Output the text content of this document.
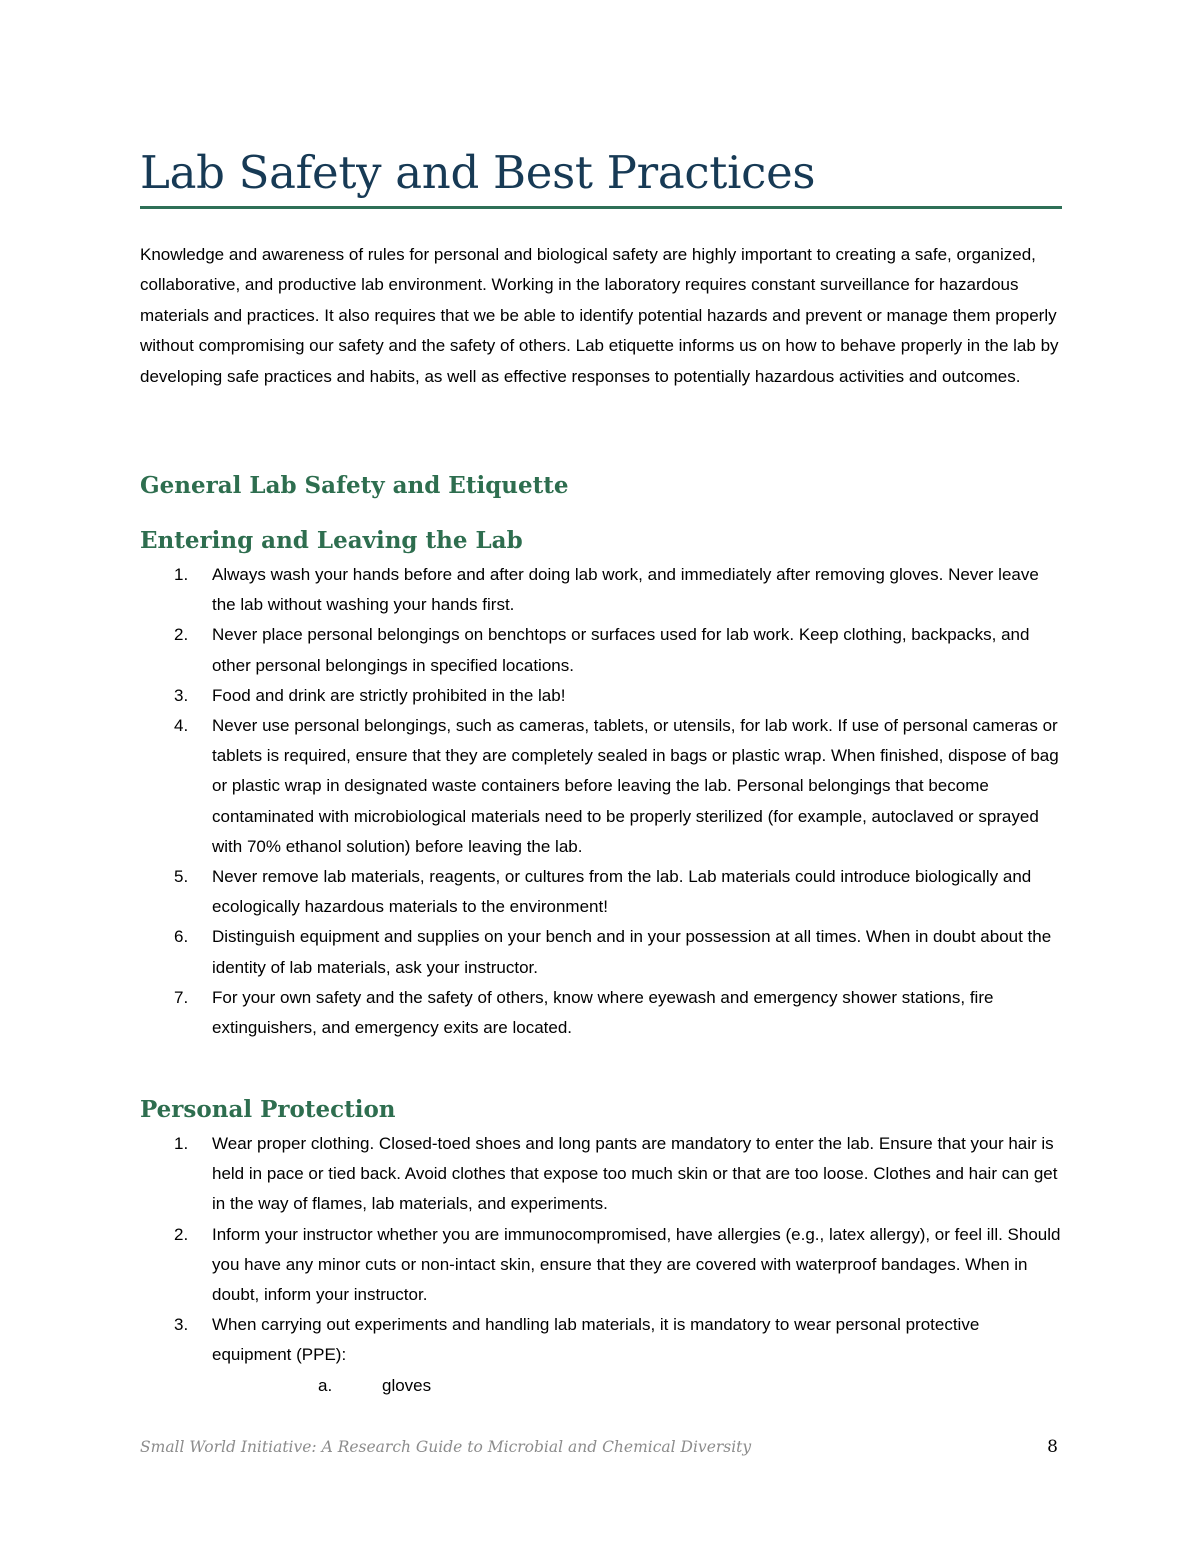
Lab Safety and Best Practices

Knowledge and awareness of rules for personal and biological safety are highly important to creating a safe, organized, collaborative, and productive lab environment. Working in the laboratory requires constant surveillance for hazardous materials and practices. It also requires that we be able to identify potential hazards and prevent or manage them properly without compromising our safety and the safety of others. Lab etiquette informs us on how to behave properly in the lab by developing safe practices and habits, as well as effective responses to potentially hazardous activities and outcomes.

General Lab Safety and Etiquette
Entering and Leaving the Lab
1. Always wash your hands before and after doing lab work, and immediately after removing gloves. Never leave the lab without washing your hands first.
2. Never place personal belongings on benchtops or surfaces used for lab work. Keep clothing, backpacks, and other personal belongings in specified locations.
3. Food and drink are strictly prohibited in the lab!
4. Never use personal belongings, such as cameras, tablets, or utensils, for lab work. If use of personal cameras or tablets is required, ensure that they are completely sealed in bags or plastic wrap. When finished, dispose of bag or plastic wrap in designated waste containers before leaving the lab. Personal belongings that become contaminated with microbiological materials need to be properly sterilized (for example, autoclaved or sprayed with 70% ethanol solution) before leaving the lab.
5. Never remove lab materials, reagents, or cultures from the lab. Lab materials could introduce biologically and ecologically hazardous materials to the environment!
6. Distinguish equipment and supplies on your bench and in your possession at all times. When in doubt about the identity of lab materials, ask your instructor.
7. For your own safety and the safety of others, know where eyewash and emergency shower stations, fire extinguishers, and emergency exits are located.
Personal Protection
1. Wear proper clothing. Closed-toed shoes and long pants are mandatory to enter the lab. Ensure that your hair is held in pace or tied back. Avoid clothes that expose too much skin or that are too loose. Clothes and hair can get in the way of flames, lab materials, and experiments.
2. Inform your instructor whether you are immunocompromised, have allergies (e.g., latex allergy), or feel ill. Should you have any minor cuts or non-intact skin, ensure that they are covered with waterproof bandages. When in doubt, inform your instructor.
3. When carrying out experiments and handling lab materials, it is mandatory to wear personal protective equipment (PPE):
a.	gloves
Small World Initiative: A Research Guide to Microbial and Chemical Diversity	8
